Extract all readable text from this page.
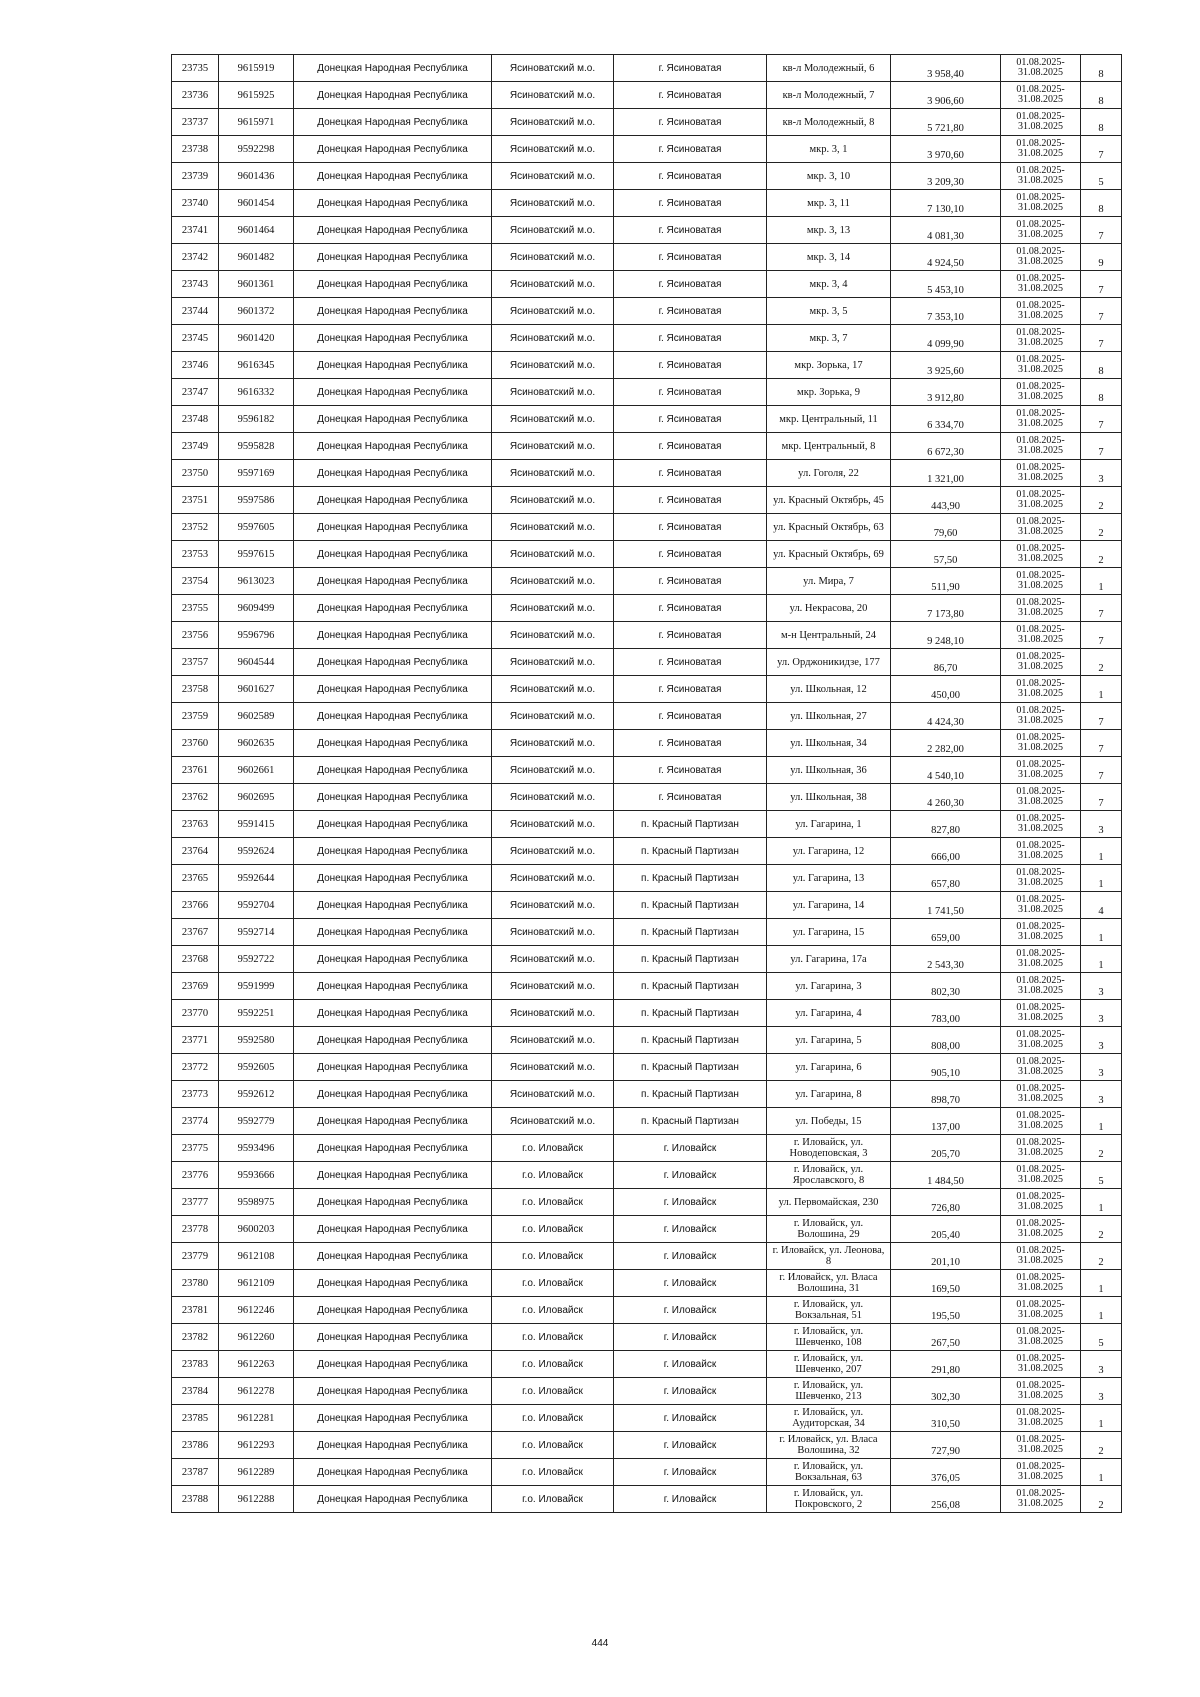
23735	9615919	Донецкая Народная Республика	Ясиноватский м.о.	г. Ясиноватая	кв-л Молодежный, 6	3 958,40	01.08.2025-31.08.2025	8
23736	9615925	Донецкая Народная Республика	Ясиноватский м.о.	г. Ясиноватая	кв-л Молодежный, 7	3 906,60	01.08.2025-31.08.2025	8
23737	9615971	Донецкая Народная Республика	Ясиноватский м.о.	г. Ясиноватая	кв-л Молодежный, 8	5 721,80	01.08.2025-31.08.2025	8
23738	9592298	Донецкая Народная Республика	Ясиноватский м.о.	г. Ясиноватая	мкр. 3, 1	3 970,60	01.08.2025-31.08.2025	7
23739	9601436	Донецкая Народная Республика	Ясиноватский м.о.	г. Ясиноватая	мкр. 3, 10	3 209,30	01.08.2025-31.08.2025	5
23740	9601454	Донецкая Народная Республика	Ясиноватский м.о.	г. Ясиноватая	мкр. 3, 11	7 130,10	01.08.2025-31.08.2025	8
23741	9601464	Донецкая Народная Республика	Ясиноватский м.о.	г. Ясиноватая	мкр. 3, 13	4 081,30	01.08.2025-31.08.2025	7
23742	9601482	Донецкая Народная Республика	Ясиноватский м.о.	г. Ясиноватая	мкр. 3, 14	4 924,50	01.08.2025-31.08.2025	9
23743	9601361	Донецкая Народная Республика	Ясиноватский м.о.	г. Ясиноватая	мкр. 3, 4	5 453,10	01.08.2025-31.08.2025	7
23744	9601372	Донецкая Народная Республика	Ясиноватский м.о.	г. Ясиноватая	мкр. 3, 5	7 353,10	01.08.2025-31.08.2025	7
23745	9601420	Донецкая Народная Республика	Ясиноватский м.о.	г. Ясиноватая	мкр. 3, 7	4 099,90	01.08.2025-31.08.2025	7
23746	9616345	Донецкая Народная Республика	Ясиноватский м.о.	г. Ясиноватая	мкр. Зорька, 17	3 925,60	01.08.2025-31.08.2025	8
23747	9616332	Донецкая Народная Республика	Ясиноватский м.о.	г. Ясиноватая	мкр. Зорька, 9	3 912,80	01.08.2025-31.08.2025	8
23748	9596182	Донецкая Народная Республика	Ясиноватский м.о.	г. Ясиноватая	мкр. Центральный, 11	6 334,70	01.08.2025-31.08.2025	7
23749	9595828	Донецкая Народная Республика	Ясиноватский м.о.	г. Ясиноватая	мкр. Центральный, 8	6 672,30	01.08.2025-31.08.2025	7
23750	9597169	Донецкая Народная Республика	Ясиноватский м.о.	г. Ясиноватая	ул. Гоголя, 22	1 321,00	01.08.2025-31.08.2025	3
23751	9597586	Донецкая Народная Республика	Ясиноватский м.о.	г. Ясиноватая	ул. Красный Октябрь, 45	443,90	01.08.2025-31.08.2025	2
23752	9597605	Донецкая Народная Республика	Ясиноватский м.о.	г. Ясиноватая	ул. Красный Октябрь, 63	79,60	01.08.2025-31.08.2025	2
23753	9597615	Донецкая Народная Республика	Ясиноватский м.о.	г. Ясиноватая	ул. Красный Октябрь, 69	57,50	01.08.2025-31.08.2025	2
23754	9613023	Донецкая Народная Республика	Ясиноватский м.о.	г. Ясиноватая	ул. Мира, 7	511,90	01.08.2025-31.08.2025	1
23755	9609499	Донецкая Народная Республика	Ясиноватский м.о.	г. Ясиноватая	ул. Некрасова, 20	7 173,80	01.08.2025-31.08.2025	7
23756	9596796	Донецкая Народная Республика	Ясиноватский м.о.	г. Ясиноватая	м-н Центральный, 24	9 248,10	01.08.2025-31.08.2025	7
23757	9604544	Донецкая Народная Республика	Ясиноватский м.о.	г. Ясиноватая	ул. Орджоникидзе, 177	86,70	01.08.2025-31.08.2025	2
23758	9601627	Донецкая Народная Республика	Ясиноватский м.о.	г. Ясиноватая	ул. Школьная, 12	450,00	01.08.2025-31.08.2025	1
23759	9602589	Донецкая Народная Республика	Ясиноватский м.о.	г. Ясиноватая	ул. Школьная, 27	4 424,30	01.08.2025-31.08.2025	7
23760	9602635	Донецкая Народная Республика	Ясиноватский м.о.	г. Ясиноватая	ул. Школьная, 34	2 282,00	01.08.2025-31.08.2025	7
23761	9602661	Донецкая Народная Республика	Ясиноватский м.о.	г. Ясиноватая	ул. Школьная, 36	4 540,10	01.08.2025-31.08.2025	7
23762	9602695	Донецкая Народная Республика	Ясиноватский м.о.	г. Ясиноватая	ул. Школьная, 38	4 260,30	01.08.2025-31.08.2025	7
23763	9591415	Донецкая Народная Республика	Ясиноватский м.о.	п. Красный Партизан	ул. Гагарина, 1	827,80	01.08.2025-31.08.2025	3
23764	9592624	Донецкая Народная Республика	Ясиноватский м.о.	п. Красный Партизан	ул. Гагарина, 12	666,00	01.08.2025-31.08.2025	1
23765	9592644	Донецкая Народная Республика	Ясиноватский м.о.	п. Красный Партизан	ул. Гагарина, 13	657,80	01.08.2025-31.08.2025	1
23766	9592704	Донецкая Народная Республика	Ясиноватский м.о.	п. Красный Партизан	ул. Гагарина, 14	1 741,50	01.08.2025-31.08.2025	4
23767	9592714	Донецкая Народная Республика	Ясиноватский м.о.	п. Красный Партизан	ул. Гагарина, 15	659,00	01.08.2025-31.08.2025	1
23768	9592722	Донецкая Народная Республика	Ясиноватский м.о.	п. Красный Партизан	ул. Гагарина, 17а	2 543,30	01.08.2025-31.08.2025	1
23769	9591999	Донецкая Народная Республика	Ясиноватский м.о.	п. Красный Партизан	ул. Гагарина, 3	802,30	01.08.2025-31.08.2025	3
23770	9592251	Донецкая Народная Республика	Ясиноватский м.о.	п. Красный Партизан	ул. Гагарина, 4	783,00	01.08.2025-31.08.2025	3
23771	9592580	Донецкая Народная Республика	Ясиноватский м.о.	п. Красный Партизан	ул. Гагарина, 5	808,00	01.08.2025-31.08.2025	3
23772	9592605	Донецкая Народная Республика	Ясиноватский м.о.	п. Красный Партизан	ул. Гагарина, 6	905,10	01.08.2025-31.08.2025	3
23773	9592612	Донецкая Народная Республика	Ясиноватский м.о.	п. Красный Партизан	ул. Гагарина, 8	898,70	01.08.2025-31.08.2025	3
23774	9592779	Донецкая Народная Республика	Ясиноватский м.о.	п. Красный Партизан	ул. Победы, 15	137,00	01.08.2025-31.08.2025	1
23775	9593496	Донецкая Народная Республика	г.о. Иловайск	г. Иловайск	г. Иловайск, ул. Новодеповская, 3	205,70	01.08.2025-31.08.2025	2
23776	9593666	Донецкая Народная Республика	г.о. Иловайск	г. Иловайск	г. Иловайск, ул. Ярославского, 8	1 484,50	01.08.2025-31.08.2025	5
23777	9598975	Донецкая Народная Республика	г.о. Иловайск	г. Иловайск	ул. Первомайская, 230	726,80	01.08.2025-31.08.2025	1
23778	9600203	Донецкая Народная Республика	г.о. Иловайск	г. Иловайск	г. Иловайск, ул. Волошина, 29	205,40	01.08.2025-31.08.2025	2
23779	9612108	Донецкая Народная Республика	г.о. Иловайск	г. Иловайск	г. Иловайск, ул. Леонова, 8	201,10	01.08.2025-31.08.2025	2
23780	9612109	Донецкая Народная Республика	г.о. Иловайск	г. Иловайск	г. Иловайск, ул. Власа Волошина, 31	169,50	01.08.2025-31.08.2025	1
23781	9612246	Донецкая Народная Республика	г.о. Иловайск	г. Иловайск	г. Иловайск, ул. Вокзальная, 51	195,50	01.08.2025-31.08.2025	1
23782	9612260	Донецкая Народная Республика	г.о. Иловайск	г. Иловайск	г. Иловайск, ул. Шевченко, 108	267,50	01.08.2025-31.08.2025	5
23783	9612263	Донецкая Народная Республика	г.о. Иловайск	г. Иловайск	г. Иловайск, ул. Шевченко, 207	291,80	01.08.2025-31.08.2025	3
23784	9612278	Донецкая Народная Республика	г.о. Иловайск	г. Иловайск	г. Иловайск, ул. Шевченко, 213	302,30	01.08.2025-31.08.2025	3
23785	9612281	Донецкая Народная Республика	г.о. Иловайск	г. Иловайск	г. Иловайск, ул. Аудиторская, 34	310,50	01.08.2025-31.08.2025	1
23786	9612293	Донецкая Народная Республика	г.о. Иловайск	г. Иловайск	г. Иловайск, ул. Власа Волошина, 32	727,90	01.08.2025-31.08.2025	2
23787	9612289	Донецкая Народная Республика	г.о. Иловайск	г. Иловайск	г. Иловайск, ул. Вокзальная, 63	376,05	01.08.2025-31.08.2025	1
23788	9612288	Донецкая Народная Республика	г.о. Иловайск	г. Иловайск	г. Иловайск, ул. Покровского, 2	256,08	01.08.2025-31.08.2025	2
444
